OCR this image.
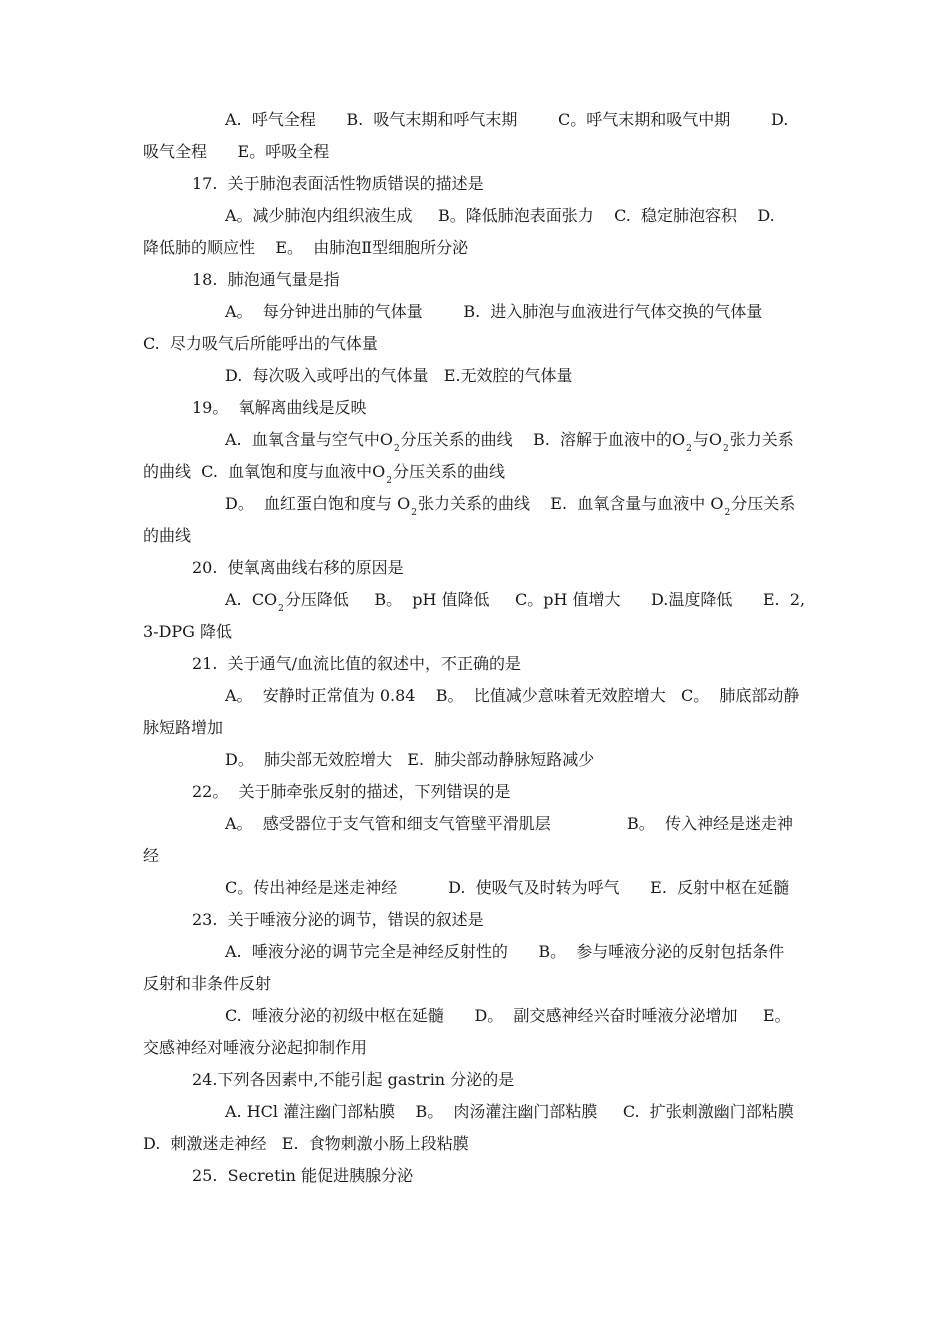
A.  呼气全程      B.  吸气末期和呼气末期        C。呼气末期和吸气中期        D.
吸气全程      E。呼吸全程
17.  关于肺泡表面活性物质错误的描述是
A。减少肺泡内组织液生成     B。降低肺泡表面张力    C.  稳定肺泡容积    D.
降低肺的顺应性    E。  由肺泡Ⅱ型细胞所分泌
18.  肺泡通气量是指
A。  每分钟进出肺的气体量        B.  进入肺泡与血液进行气体交换的气体量
C.  尽力吸气后所能呼出的气体量
D.  每次吸入或呼出的气体量   E.无效腔的气体量
19。  氧解离曲线是反映
A.  血氧含量与空气中$O_2$分压关系的曲线    B.  溶解于血液中的$O_2$与$O_2$张力关系
的曲线  C.  血氧饱和度与血液中$O_2$分压关系的曲线
D。  血红蛋白饱和度与 $O_2$张力关系的曲线    E.  血氧含量与血液中 $O_2$分压关系
的曲线
20.  使氧离曲线右移的原因是
A.  $CO_2$分压降低     B。  pH 值降低     C。pH 值增大      D.温度降低      E.  2,
3-DPG 降低
21.  关于通气/血流比值的叙述中，不正确的是
A。  安静时正常值为 0.84    B。  比值减少意味着无效腔增大   C。  肺底部动静
脉短路增加
D。  肺尖部无效腔增大   E.  肺尖部动静脉短路减少
22。  关于肺牵张反射的描述，下列错误的是
A。  感受器位于支气管和细支气管壁平滑肌层               B。  传入神经是迷走神
经
C。传出神经是迷走神经          D.  使吸气及时转为呼气      E.  反射中枢在延髓
23.  关于唾液分泌的调节，错误的叙述是
A.  唾液分泌的调节完全是神经反射性的      B。  参与唾液分泌的反射包括条件
反射和非条件反射
C.  唾液分泌的初级中枢在延髓      D。  副交感神经兴奋时唾液分泌增加     E。
交感神经对唾液分泌起抑制作用
24.下列各因素中,不能引起 gastrin 分泌的是
A. HCl 灌注幽门部粘膜    B。  肉汤灌注幽门部粘膜     C.  扩张刺激幽门部粘膜
D.  刺激迷走神经   E.  食物刺激小肠上段粘膜
25.  Secretin 能促进胰腺分泌
